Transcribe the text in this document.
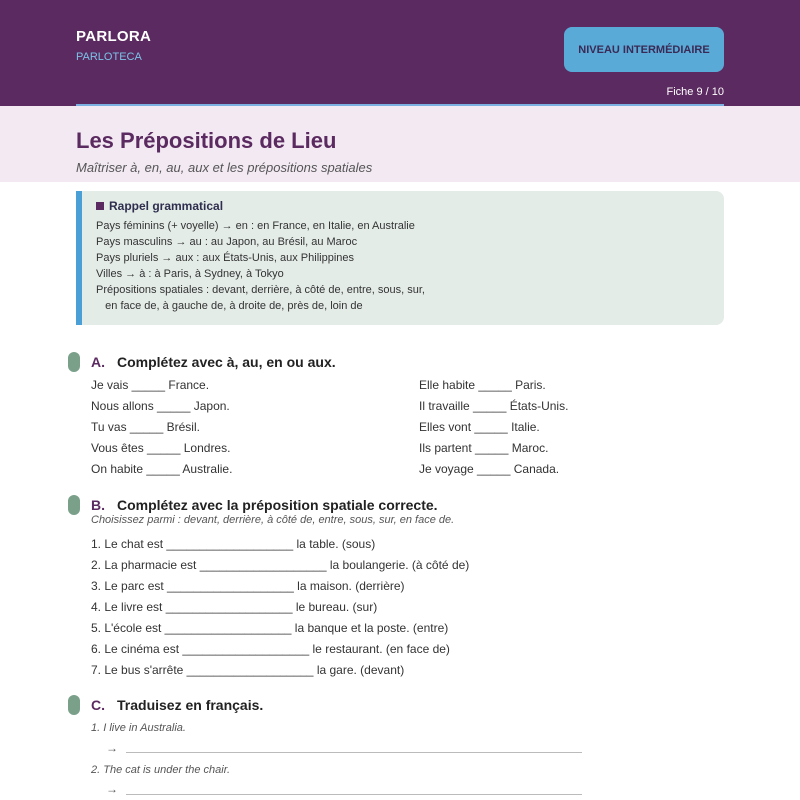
PARLORA
PARLOTECA
NIVEAU INTERMÉDIAIRE
Fiche 9 / 10
Les Prépositions de Lieu
Maîtriser à, en, au, aux et les prépositions spatiales
Rappel grammatical
Pays féminins (+ voyelle) → en : en France, en Italie, en Australie
Pays masculins → au : au Japon, au Brésil, au Maroc
Pays pluriels → aux : aux États-Unis, aux Philippines
Villes → à : à Paris, à Sydney, à Tokyo
Prépositions spatiales : devant, derrière, à côté de, entre, sous, sur,
en face de, à gauche de, à droite de, près de, loin de
A. Complétez avec à, au, en ou aux.
Je vais _____ France.
Nous allons _____ Japon.
Tu vas _____ Brésil.
Vous êtes _____ Londres.
On habite _____ Australie.
Elle habite _____ Paris.
Il travaille _____ États-Unis.
Elles vont _____ Italie.
Ils partent _____ Maroc.
Je voyage _____ Canada.
B. Complétez avec la préposition spatiale correcte.
Choisissez parmi : devant, derrière, à côté de, entre, sous, sur, en face de.
1. Le chat est ___________________ la table. (sous)
2. La pharmacie est ___________________ la boulangerie. (à côté de)
3. Le parc est ___________________ la maison. (derrière)
4. Le livre est ___________________ le bureau. (sur)
5. L'école est ___________________ la banque et la poste. (entre)
6. Le cinéma est ___________________ le restaurant. (en face de)
7. Le bus s'arrête ___________________ la gare. (devant)
C. Traduisez en français.
1. I live in Australia.
→
2. The cat is under the chair.
→
